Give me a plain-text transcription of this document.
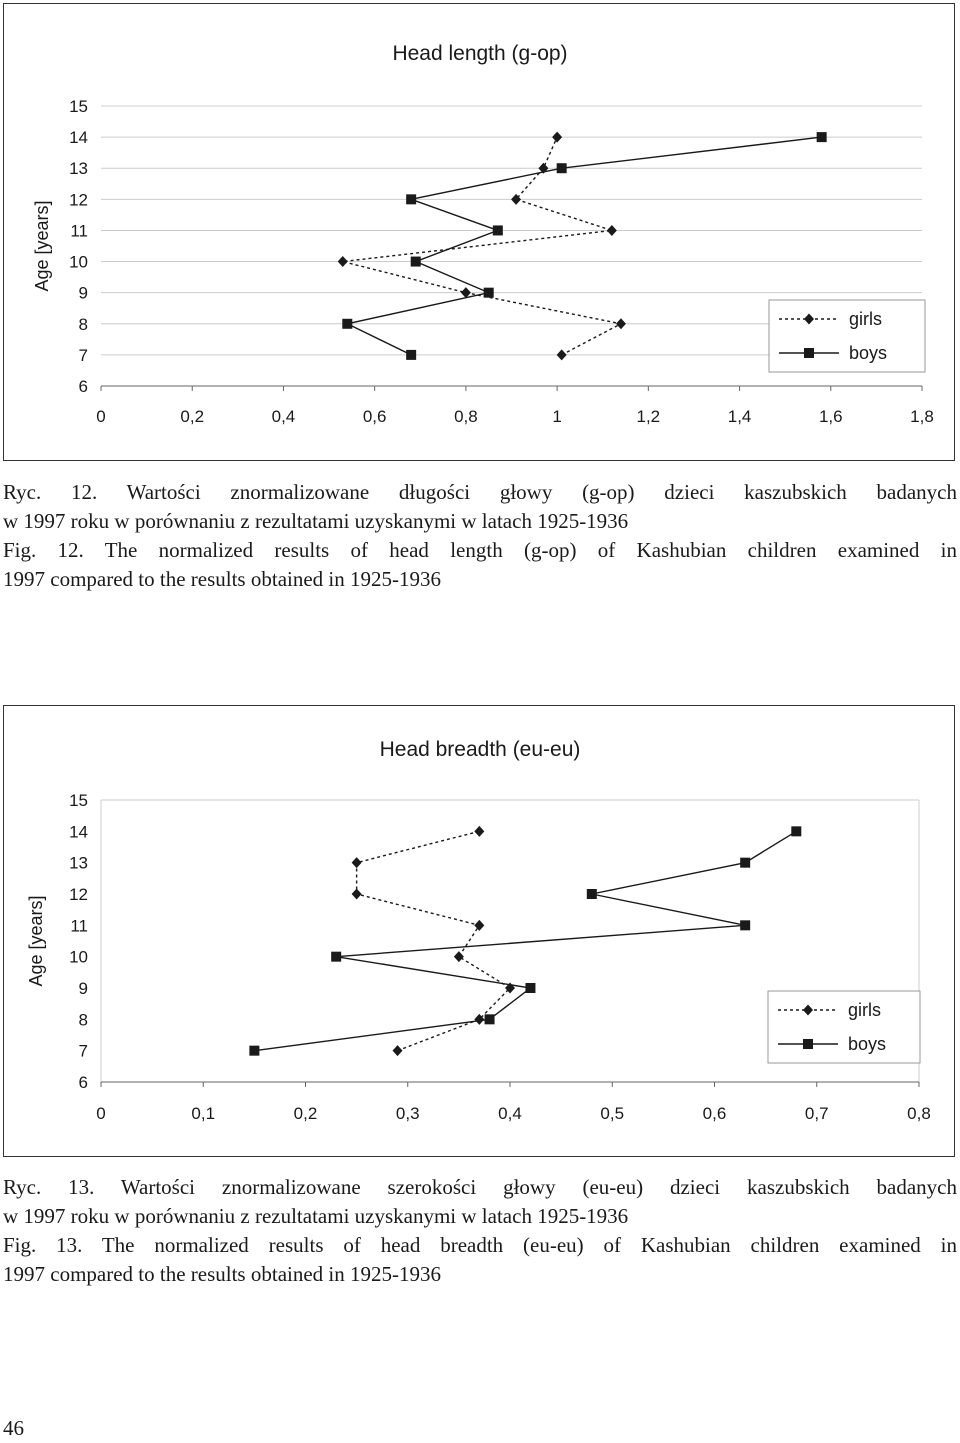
Head length (g-op)
Age [years]
0	0,2	0,4	0,6	0,8	1	1,2	1,4	1,6	1,8
6
7
8
9
10
11
12
13
14
15
girls
boys

Ryc. 12. Wartości znormalizowane długości głowy (g-op) dzieci kaszubskich badanych

w 1997 roku w porównaniu z rezultatami uzyskanymi w latach 1925-1936

Fig. 12. The normalized results of head length (g-op) of Kashubian children examined in

1997 compared to the results obtained in 1925-1936

Head breadth (eu-eu)
Age [years]
0	0,1	0,2	0,3	0,4	0,5	0,6	0,7	0,8
6
7
8
9
10
11
12
13
14
15
girls
boys

Ryc. 13. Wartości znormalizowane szerokości głowy (eu-eu) dzieci kaszubskich badanych

w 1997 roku w porównaniu z rezultatami uzyskanymi w latach 1925-1936

Fig. 13. The normalized results of head breadth (eu-eu) of Kashubian children examined in

1997 compared to the results obtained in 1925-1936

46
